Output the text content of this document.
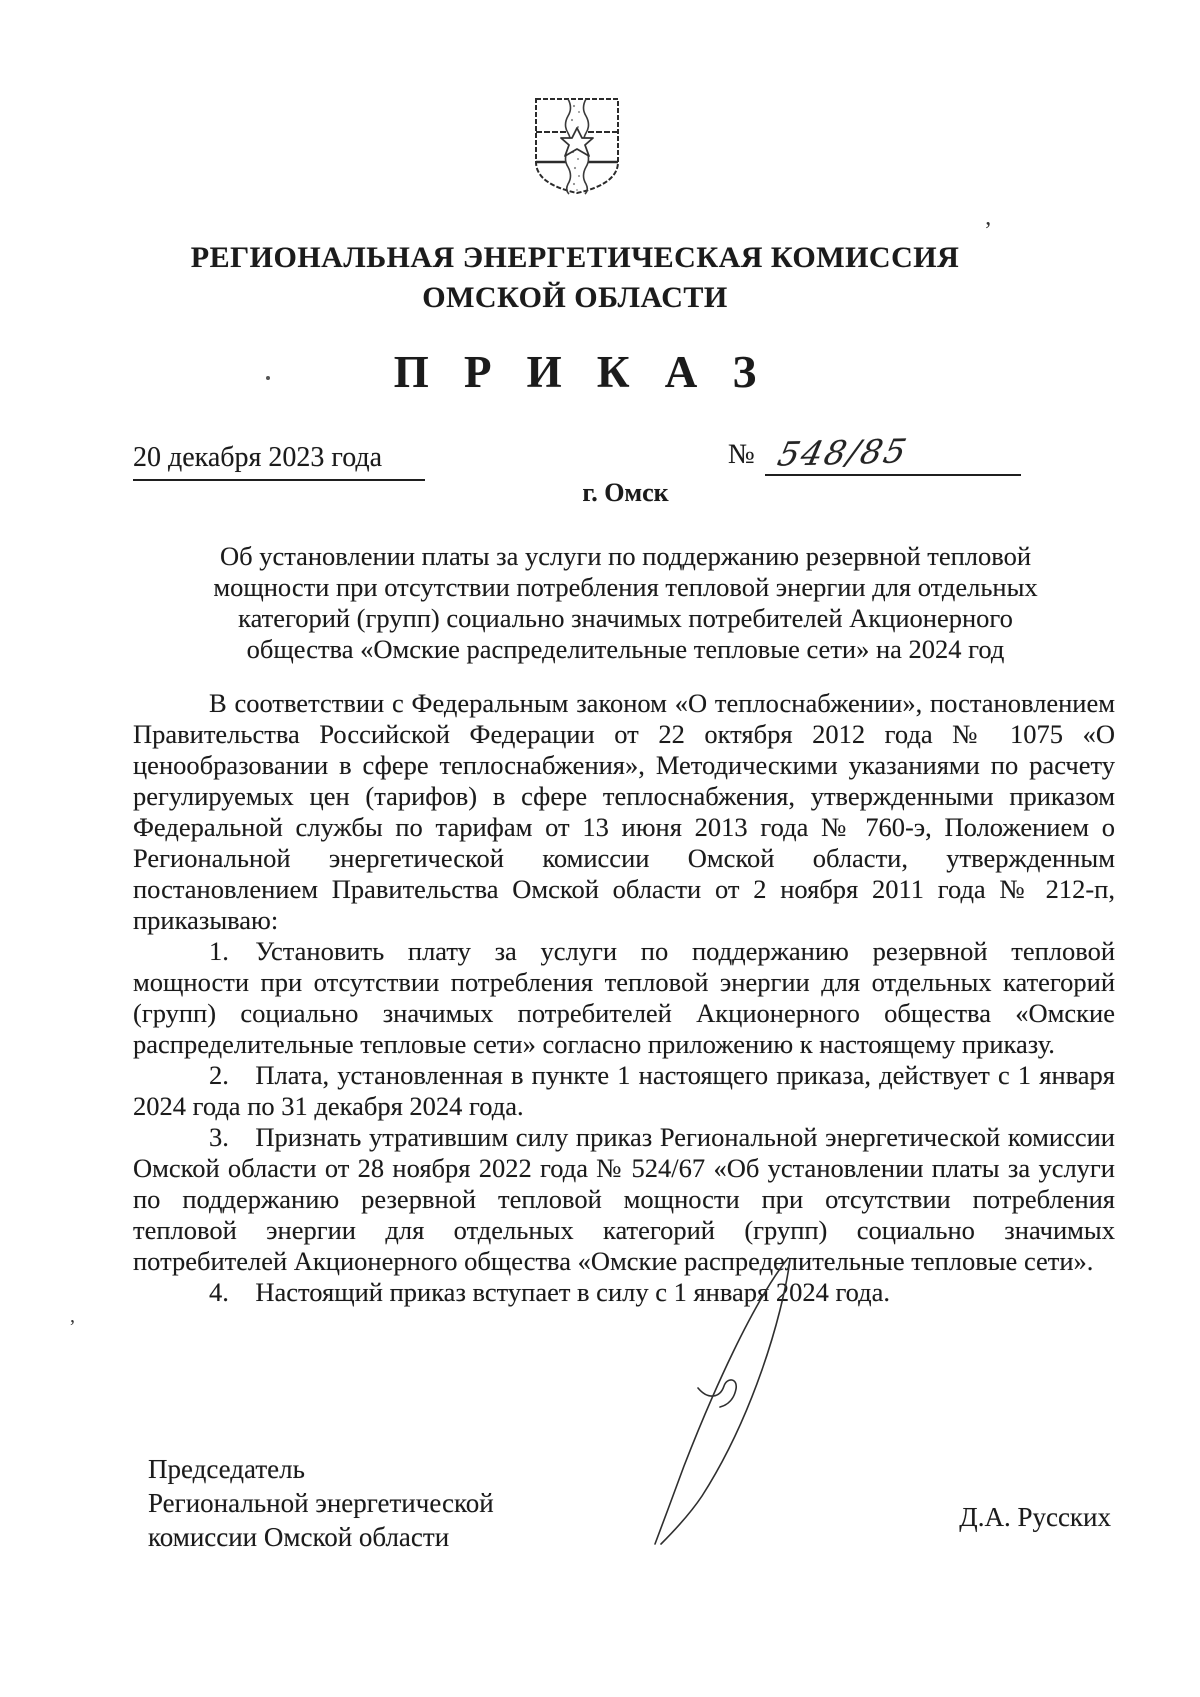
РЕГИОНАЛЬНАЯ ЭНЕРГЕТИЧЕСКАЯ КОМИССИЯ
ОМСКОЙ ОБЛАСТИ
П Р И К А З
20 декабря 2023 года	№ 548/85
г. Омск
Об установлении платы за услуги по поддержанию резервной тепловой мощности при отсутствии потребления тепловой энергии для отдельных категорий (групп) социально значимых потребителей Акционерного общества «Омские распределительные тепловые сети» на 2024 год

В соответствии с Федеральным законом «О теплоснабжении», постановлением Правительства Российской Федерации от 22 октября 2012 года № 1075 «О ценообразовании в сфере теплоснабжения», Методическими указаниями по расчету регулируемых цен (тарифов) в сфере теплоснабжения, утвержденными приказом Федеральной службы по тарифам от 13 июня 2013 года № 760-э, Положением о Региональной энергетической комиссии Омской области, утвержденным постановлением Правительства Омской области от 2 ноября 2011 года № 212-п, приказываю:

1. Установить плату за услуги по поддержанию резервной тепловой мощности при отсутствии потребления тепловой энергии для отдельных категорий (групп) социально значимых потребителей Акционерного общества «Омские распределительные тепловые сети» согласно приложению к настоящему приказу.

2. Плата, установленная в пункте 1 настоящего приказа, действует с 1 января 2024 года по 31 декабря 2024 года.

3. Признать утратившим силу приказ Региональной энергетической комиссии Омской области от 28 ноября 2022 года № 524/67 «Об установлении платы за услуги по поддержанию резервной тепловой мощности при отсутствии потребления тепловой энергии для отдельных категорий (групп) социально значимых потребителей Акционерного общества «Омские распределительные тепловые сети».

4. Настоящий приказ вступает в силу с 1 января 2024 года.

Председатель
Региональной энергетической
комиссии Омской области
Д.А. Русских
’
,
